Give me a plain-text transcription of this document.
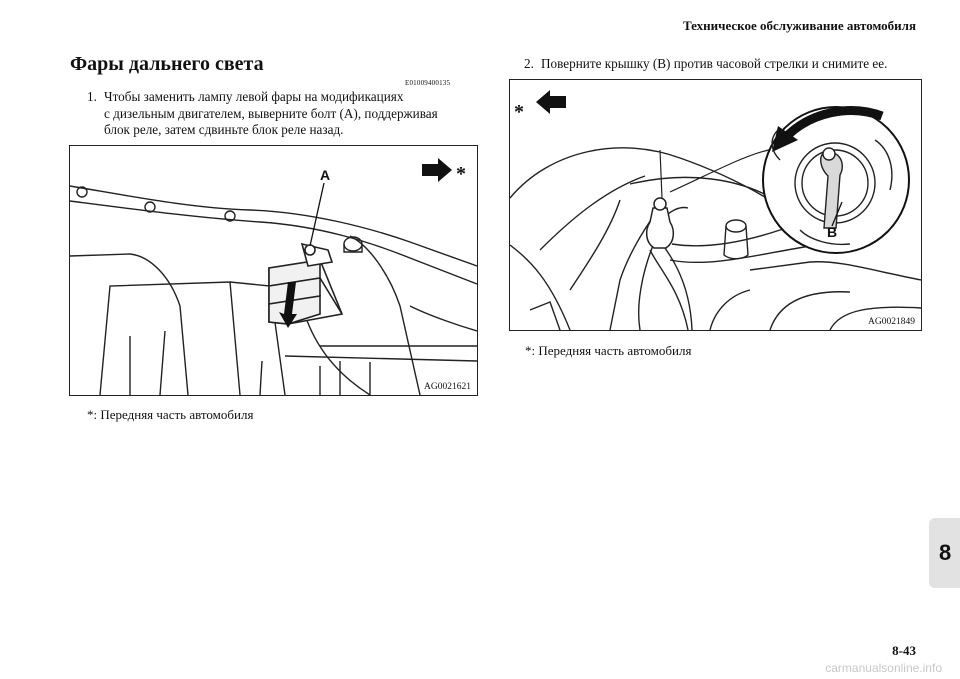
Техническое обслуживание автомобиля
Фары дальнего света
E01009400135
1. Чтобы заменить лампу левой фары на модификациях
с дизельным двигателем, выверните болт (A), поддерживая
блок реле, затем сдвиньте блок реле назад.
2. Поверните крышку (B) против часовой стрелки и снимите ее.
A	*
AG0021621
*: Передняя часть автомобиля
B
*
AG0021849
*: Передняя часть автомобиля
8
8-43
carmanualsonline.info
